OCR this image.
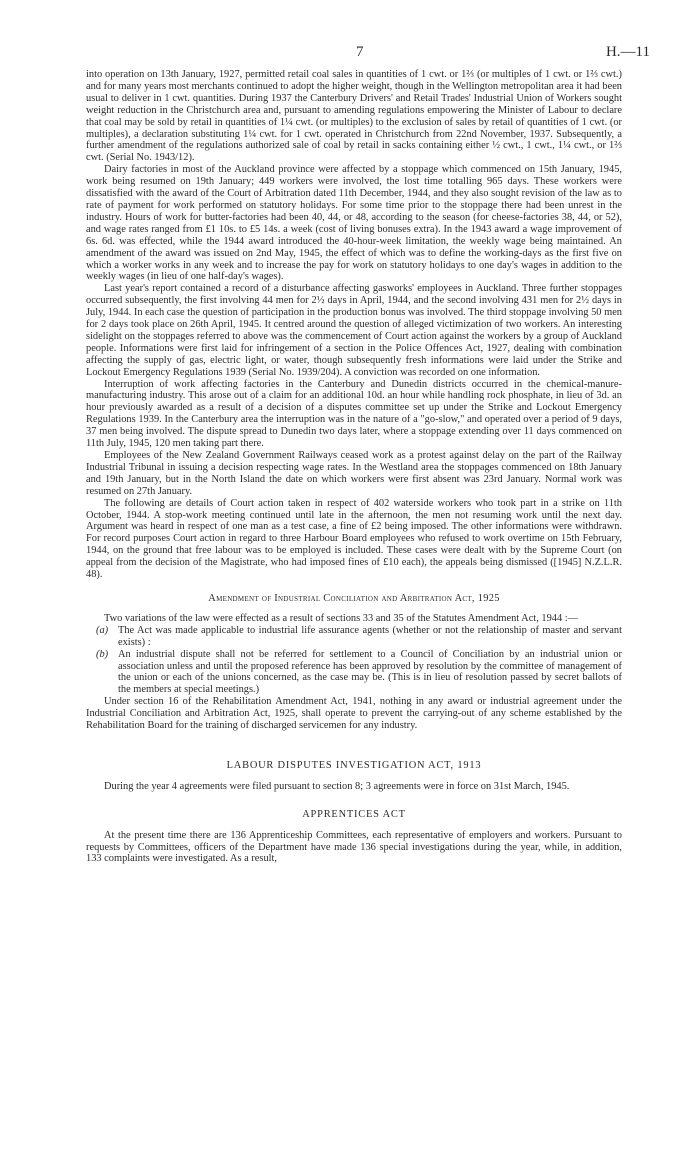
7	H.—11

into operation on 13th January, 1927, permitted retail coal sales in quantities of 1 cwt. or 1⅔ (or multiples of 1 cwt. or 1⅔ cwt.) and for many years most merchants continued to adopt the higher weight, though in the Wellington metropolitan area it had been usual to deliver in 1 cwt. quantities. During 1937 the Canterbury Drivers' and Retail Trades' Industrial Union of Workers sought weight reduction in the Christchurch area and, pursuant to amending regulations empowering the Minister of Labour to declare that coal may be sold by retail in quantities of 1¼ cwt. (or multiples) to the exclusion of sales by retail of quantities of 1 cwt. (or multiples), a declaration substituting 1¼ cwt. for 1 cwt. operated in Christchurch from 22nd November, 1937. Subsequently, a further amendment of the regulations authorized sale of coal by retail in sacks containing either ½ cwt., 1 cwt., 1¼ cwt., or 1⅔ cwt. (Serial No. 1943/12).

Dairy factories in most of the Auckland province were affected by a stoppage which commenced on 15th January, 1945, work being resumed on 19th January; 449 workers were involved, the lost time totalling 965 days. These workers were dissatisfied with the award of the Court of Arbitration dated 11th December, 1944, and they also sought revision of the law as to rate of payment for work performed on statutory holidays. For some time prior to the stoppage there had been unrest in the industry. Hours of work for butter-factories had been 40, 44, or 48, according to the season (for cheese-factories 38, 44, or 52), and wage rates ranged from £1 10s. to £5 14s. a week (cost of living bonuses extra). In the 1943 award a wage improvement of 6s. 6d. was effected, while the 1944 award introduced the 40-hour-week limitation, the weekly wage being maintained. An amendment of the award was issued on 2nd May, 1945, the effect of which was to define the working-days as the first five on which a worker works in any week and to increase the pay for work on statutory holidays to one day's wages in addition to the weekly wages (in lieu of one half-day's wages).

Last year's report contained a record of a disturbance affecting gasworks' employees in Auckland. Three further stoppages occurred subsequently, the first involving 44 men for 2½ days in April, 1944, and the second involving 431 men for 2½ days in July, 1944. In each case the question of participation in the production bonus was involved. The third stoppage involving 50 men for 2 days took place on 26th April, 1945. It centred around the question of alleged victimization of two workers. An interesting sidelight on the stoppages referred to above was the commencement of Court action against the workers by a group of Auckland people. Informations were first laid for infringement of a section in the Police Offences Act, 1927, dealing with combination affecting the supply of gas, electric light, or water, though subsequently fresh informations were laid under the Strike and Lockout Emergency Regulations 1939 (Serial No. 1939/204). A conviction was recorded on one information.

Interruption of work affecting factories in the Canterbury and Dunedin districts occurred in the chemical-manure-manufacturing industry. This arose out of a claim for an additional 10d. an hour while handling rock phosphate, in lieu of 3d. an hour previously awarded as a result of a decision of a disputes committee set up under the Strike and Lockout Emergency Regulations 1939. In the Canterbury area the interruption was in the nature of a "go-slow," and operated over a period of 9 days, 37 men being involved. The dispute spread to Dunedin two days later, where a stoppage extending over 11 days commenced on 11th July, 1945, 120 men taking part there.

Employees of the New Zealand Government Railways ceased work as a protest against delay on the part of the Railway Industrial Tribunal in issuing a decision respecting wage rates. In the Westland area the stoppages commenced on 18th January and 19th January, but in the North Island the date on which workers were first absent was 23rd January. Normal work was resumed on 27th January.

The following are details of Court action taken in respect of 402 waterside workers who took part in a strike on 11th October, 1944. A stop-work meeting continued until late in the afternoon, the men not resuming work until the next day. Argument was heard in respect of one man as a test case, a fine of £2 being imposed. The other informations were withdrawn. For record purposes Court action in regard to three Harbour Board employees who refused to work overtime on 15th February, 1944, on the ground that free labour was to be employed is included. These cases were dealt with by the Supreme Court (on appeal from the decision of the Magistrate, who had imposed fines of £10 each), the appeals being dismissed ([1945] N.Z.L.R. 48).

Amendment of Industrial Conciliation and Arbitration Act, 1925

Two variations of the law were effected as a result of sections 33 and 35 of the Statutes Amendment Act, 1944 :—

(a) The Act was made applicable to industrial life assurance agents (whether or not the relationship of master and servant exists) :
(b) An industrial dispute shall not be referred for settlement to a Council of Conciliation by an industrial union or association unless and until the proposed reference has been approved by resolution by the committee of management of the union or each of the unions concerned, as the case may be. (This is in lieu of resolution passed by secret ballots of the members at special meetings.)

Under section 16 of the Rehabilitation Amendment Act, 1941, nothing in any award or industrial agreement under the Industrial Conciliation and Arbitration Act, 1925, shall operate to prevent the carrying-out of any scheme established by the Rehabilitation Board for the training of discharged servicemen for any industry.

LABOUR DISPUTES INVESTIGATION ACT, 1913

During the year 4 agreements were filed pursuant to section 8; 3 agreements were in force on 31st March, 1945.

APPRENTICES ACT

At the present time there are 136 Apprenticeship Committees, each representative of employers and workers. Pursuant to requests by Committees, officers of the Department have made 136 special investigations during the year, while, in addition, 133 complaints were investigated. As a result,
